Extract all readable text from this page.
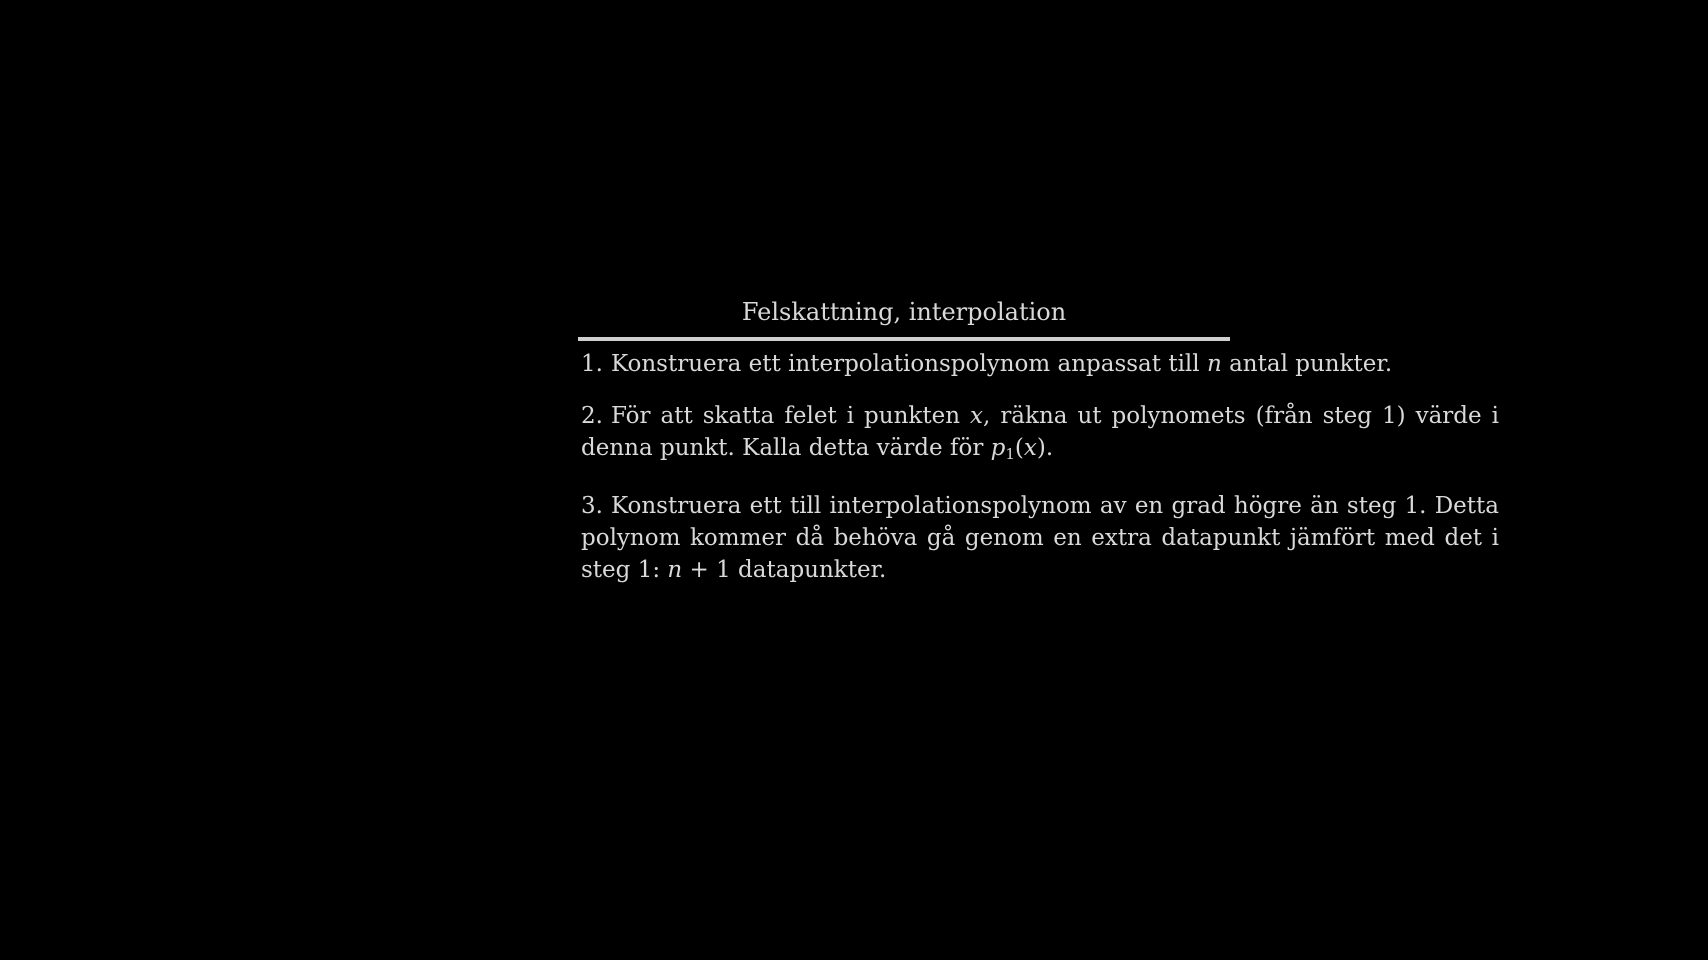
Felskattning, interpolation

1. Konstruera ett interpolationspolynom anpassat till n antal punkter.

2. För att skatta felet i punkten x, räkna ut polynomets (från steg 1) värde i denna punkt. Kalla detta värde för $p_1(x)$.

3. Konstruera ett till interpolationspolynom av en grad högre än steg 1. Detta polynom kommer då behöva gå genom en extra datapunkt jämfört med det i steg 1: n + 1 datapunkter.
